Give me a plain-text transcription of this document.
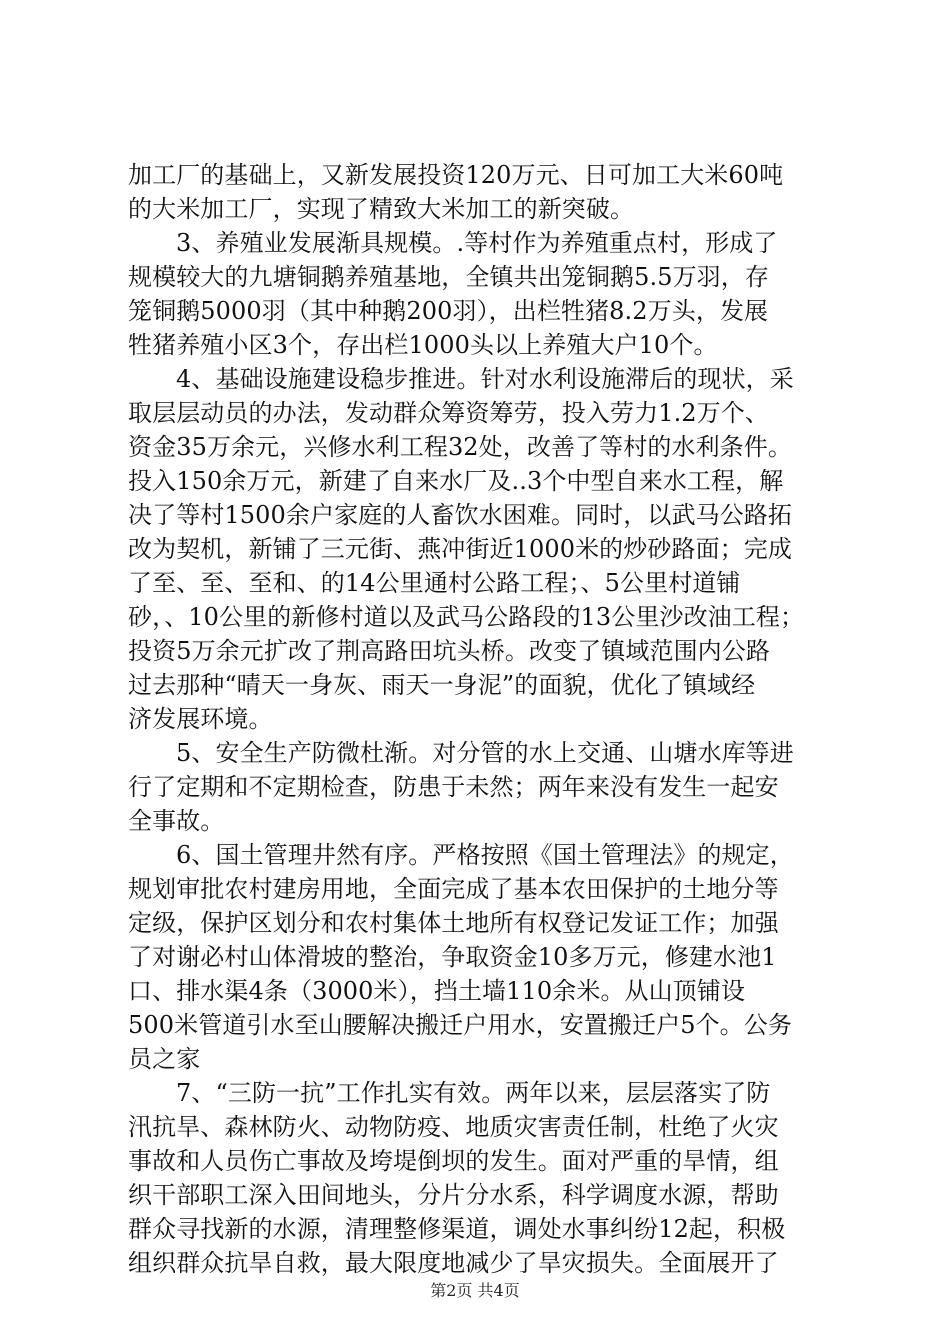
加工厂的基础上，又新发展投资120万元、日可加工大米60吨
的大米加工厂，实现了精致大米加工的新突破。
3、养殖业发展渐具规模。.等村作为养殖重点村，形成了
规模较大的九塘铜鹅养殖基地，全镇共出笼铜鹅5.5万羽，存
笼铜鹅5000羽（其中种鹅200羽），出栏牲猪8.2万头，发展
牲猪养殖小区3个，存出栏1000头以上养殖大户10个。
4、基础设施建设稳步推进。针对水利设施滞后的现状，采
取层层动员的办法，发动群众筹资筹劳，投入劳力1.2万个、
资金35万余元，兴修水利工程32处，改善了等村的水利条件。
投入150余万元，新建了自来水厂及..3个中型自来水工程，解
决了等村1500余户家庭的人畜饮水困难。同时，以武马公路拓
改为契机，新铺了三元街、燕冲街近1000米的炒砂路面；完成
了至、至、至和、的14公里通村公路工程；、5公里村道铺
砂，、10公里的新修村道以及武马公路段的13公里沙改油工程；
投资5万余元扩改了荆高路田坑头桥。改变了镇域范围内公路
过去那种“晴天一身灰、雨天一身泥”的面貌，优化了镇域经
济发展环境。
5、安全生产防微杜渐。对分管的水上交通、山塘水库等进
行了定期和不定期检查，防患于未然；两年来没有发生一起安
全事故。
6、国土管理井然有序。严格按照《国土管理法》的规定，
规划审批农村建房用地，全面完成了基本农田保护的土地分等
定级，保护区划分和农村集体土地所有权登记发证工作；加强
了对谢必村山体滑坡的整治，争取资金10多万元，修建水池1
口、排水渠4条（3000米），挡土墙110余米。从山顶铺设
500米管道引水至山腰解决搬迁户用水，安置搬迁户5个。公务
员之家
7、“三防一抗”工作扎实有效。两年以来，层层落实了防
汛抗旱、森林防火、动物防疫、地质灾害责任制，杜绝了火灾
事故和人员伤亡事故及垮堤倒坝的发生。面对严重的旱情，组
织干部职工深入田间地头，分片分水系，科学调度水源，帮助
群众寻找新的水源，清理整修渠道，调处水事纠纷12起，积极
组织群众抗旱自救，最大限度地减少了旱灾损失。全面展开了
第2页 共4页
